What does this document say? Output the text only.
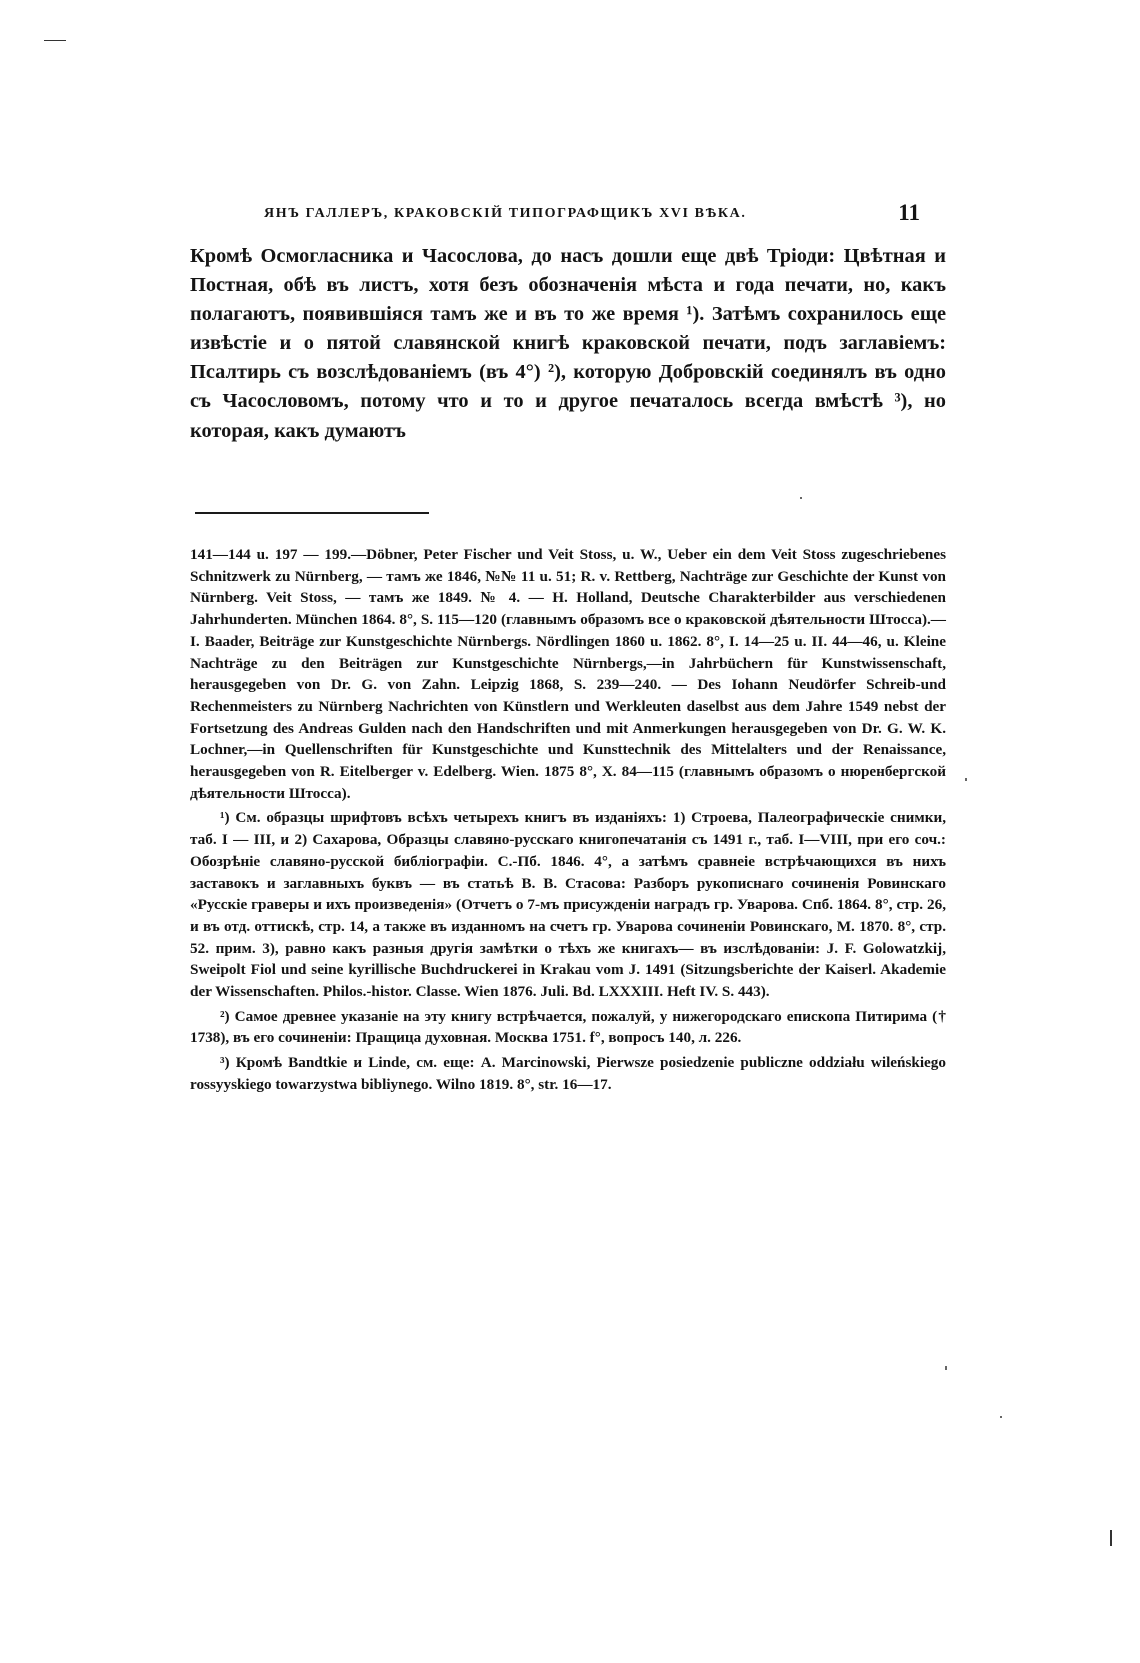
ЯНЪ ГАЛЛЕРЪ, КРАКОВСКІЙ ТИПОГРАФЩИКЪ XVI ВѢКА.	11

Кромѣ Осмогласника и Часослова, до насъ дошли еще двѣ Тріоди: Цвѣтная и Постная, обѣ въ листъ, хотя безъ обозначенія мѣста и года печати, но, какъ полагаютъ, появившіяся тамъ же и въ то же время ¹). Затѣмъ сохранилось еще извѣстіе и о пятой славянской книгѣ краковской печати, подъ заглавіемъ: Псалтирь съ возслѣдованіемъ (въ 4°) ²), которую Добровскій соединялъ въ одно съ Часословомъ, потому что и то и другое печаталось всегда вмѣстѣ ³), но которая, какъ думаютъ

141—144 u. 197 — 199.—Döbner, Peter Fischer und Veit Stoss, u. W., Ueber ein dem Veit Stoss zugeschriebenes Schnitzwerk zu Nürnberg, — тамъ же 1846, №№ 11 u. 51; R. v. Rettberg, Nachträge zur Geschichte der Kunst von Nürnberg. Veit Stoss, — тамъ же 1849. № 4. — H. Holland, Deutsche Charakterbilder aus verschiedenen Jahrhunderten. München 1864. 8°, S. 115—120 (главнымъ образомъ все о краковской дѣятельности Штосса).—I. Baader, Beiträge zur Kunstgeschichte Nürnbergs. Nördlingen 1860 u. 1862. 8°, I. 14—25 u. II. 44—46, u. Kleine Nachträge zu den Beiträgen zur Kunstgeschichte Nürnbergs,—in Jahrbüchern für Kunstwissenschaft, herausgegeben von Dr. G. von Zahn. Leipzig 1868, S. 239—240. — Des Iohann Neudörfer Schreib-und Rechenmeisters zu Nürnberg Nachrichten von Künstlern und Werkleuten daselbst aus dem Jahre 1549 nebst der Fortsetzung des Andreas Gulden nach den Handschriften und mit Anmerkungen herausgegeben von Dr. G. W. K. Lochner,—in Quellenschriften für Kunstgeschichte und Kunsttechnik des Mittelalters und der Renaissance, herausgegeben von R. Eitelberger v. Edelberg. Wien. 1875 8°, X. 84—115 (главнымъ образомъ о нюренбергской дѣятельности Штосса).

¹) См. образцы шрифтовъ всѣхъ четырехъ книгъ въ изданіяхъ: 1) Строева, Палеографическіе снимки, таб. I — III, и 2) Сахарова, Образцы славяно-русскаго книгопечатанія съ 1491 г., таб. I—VIII, при его соч.: Обозрѣніе славяно-русской библіографіи. С.-Пб. 1846. 4°, а затѣмъ сравнеіе встрѣчающихся въ нихъ заставокъ и заглавныхъ буквъ — въ статьѣ В. В. Стасова: Разборъ рукописнаго сочиненія Ровинскаго «Русскіе граверы и ихъ произведенія» (Отчетъ о 7-мъ присужденіи наградъ гр. Уварова. Спб. 1864. 8°, стр. 26, и въ отд. оттискѣ, стр. 14, а также въ изданномъ на счетъ гр. Уварова сочиненіи Ровинскаго, М. 1870. 8°, стр. 52. прим. 3), равно какъ разныя другія замѣтки о тѣхъ же книгахъ— въ изслѣдованіи: J. F. Golowatzkij, Sweipolt Fiol und seine kyrillische Buchdruckerei in Krakau vom J. 1491 (Sitzungsberichte der Kaiserl. Akademie der Wissenschaften. Philos.-histor. Classe. Wien 1876. Juli. Bd. LXXXIII. Heft IV. S. 443).

²) Самое древнее указаніе на эту книгу встрѣчается, пожалуй, у нижегородскаго епископа Питирима († 1738), въ его сочиненіи: Пращица духовная. Москва 1751. f°, вопросъ 140, л. 226.

³) Кромѣ Bandtkie и Linde, см. еще: A. Marcinowski, Pierwsze posiedzenie publiczne oddziału wileńskiego rossyyskiego towarzystwa bibliynego. Wilno 1819. 8°, str. 16—17.
